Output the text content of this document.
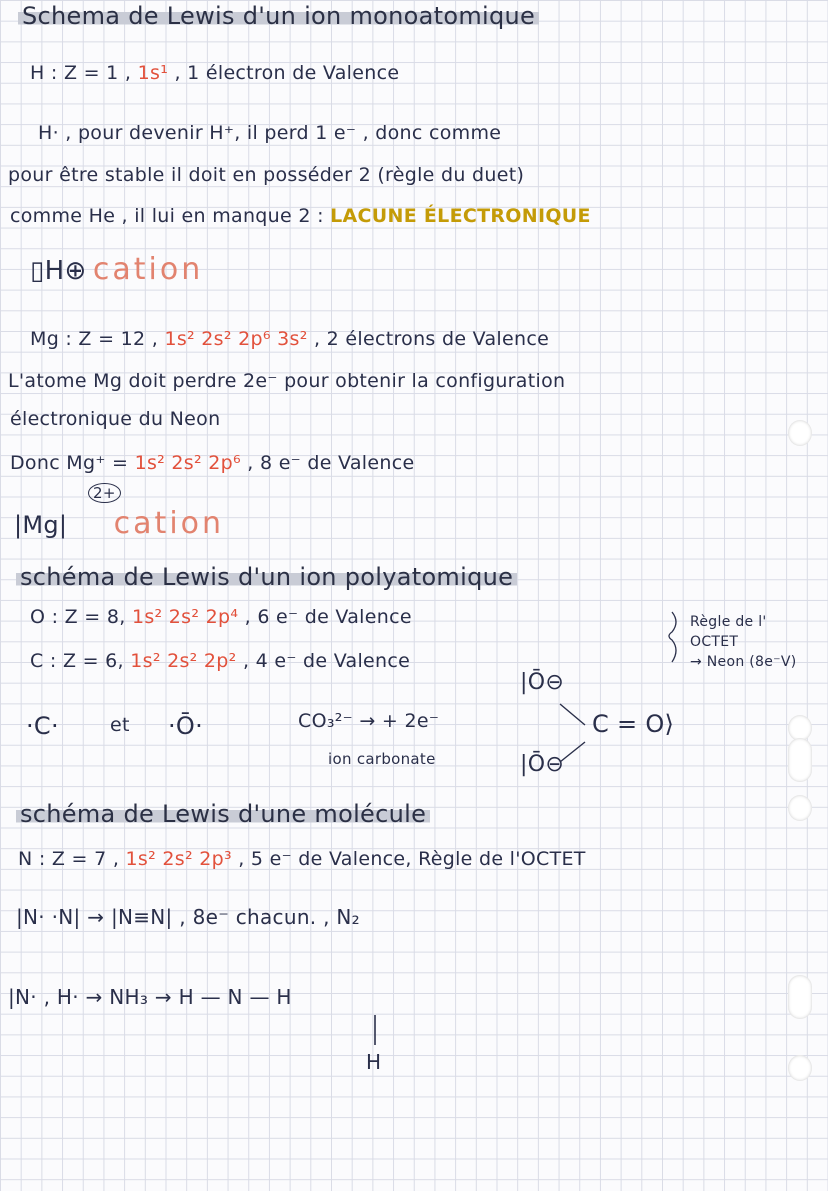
Schema de Lewis d'un ion monoatomique
H : Z = 1 , 1s¹ , 1 électron de Valence
H· , pour devenir H⁺, il perd 1 e⁻ , donc comme
pour être stable il doit en posséder 2 (règle du duet)
comme He , il lui en manque 2 : LACUNE ÉLECTRONIQUE
▯H⊕ cation
Mg : Z = 12 , 1s² 2s² 2p⁶ 3s² , 2 électrons de Valence
L'atome Mg doit perdre 2e⁻ pour obtenir la configuration
électronique du Neon
Donc Mg⁺ = 1s² 2s² 2p⁶ , 8 e⁻ de Valence
2+
|Mg| cation
schéma de Lewis d'un ion polyatomique
O : Z = 8, 1s² 2s² 2p⁴ , 6 e⁻ de Valence
C : Z = 6, 1s² 2s² 2p² , 4 e⁻ de Valence
Règle de l'
OCTET
→ Neon (8e⁻V)
·C·	et ·Ō·	CO₃²⁻ → + 2e⁻
ion carbonate
|Ō⊖
C = O⟩
|Ō⊖
schéma de Lewis d'une molécule
N : Z = 7 , 1s² 2s² 2p³ , 5 e⁻ de Valence, Règle de l'OCTET
|N· ·N| → |N≡N| , 8e⁻ chacun. , N₂
|N· , H· → NH₃ → H — N — H
H
